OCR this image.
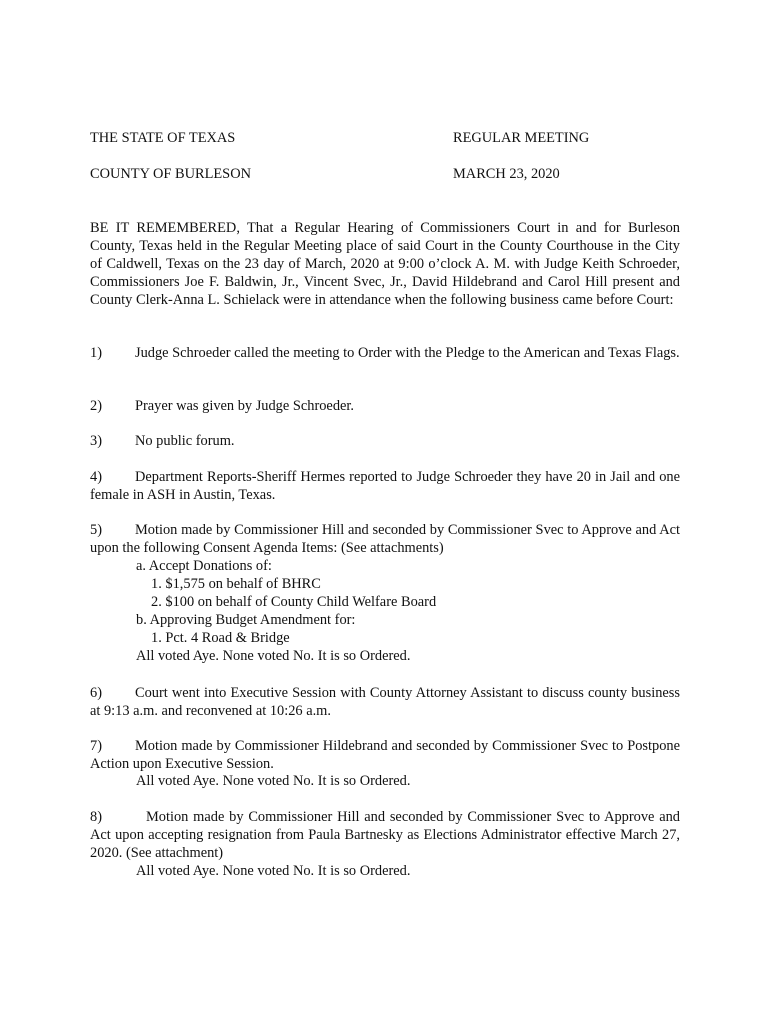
THE STATE OF TEXAS	REGULAR MEETING
COUNTY OF BURLESON	MARCH 23, 2020
BE IT REMEMBERED, That a Regular Hearing of Commissioners Court in and for Burleson County, Texas held in the Regular Meeting place of said Court in the County Courthouse in the City of Caldwell, Texas on the 23 day of March, 2020 at 9:00 o’clock A. M. with Judge Keith Schroeder, Commissioners Joe F. Baldwin, Jr., Vincent Svec, Jr., David Hildebrand and Carol Hill present and County Clerk-Anna L. Schielack were in attendance when the following business came before Court:
1) Judge Schroeder called the meeting to Order with the Pledge to the American and Texas Flags.
2) Prayer was given by Judge Schroeder.
3) No public forum.
4) Department Reports-Sheriff Hermes reported to Judge Schroeder they have 20 in Jail and one female in ASH in Austin, Texas.
5) Motion made by Commissioner Hill and seconded by Commissioner Svec to Approve and Act upon the following Consent Agenda Items: (See attachments)
a. Accept Donations of:
1. $1,575 on behalf of BHRC
2. $100 on behalf of County Child Welfare Board
b. Approving Budget Amendment for:
1. Pct. 4 Road & Bridge
All voted Aye. None voted No. It is so Ordered.
6) Court went into Executive Session with County Attorney Assistant to discuss county business at 9:13 a.m. and reconvened at 10:26 a.m.
7) Motion made by Commissioner Hildebrand and seconded by Commissioner Svec to Postpone Action upon Executive Session.
All voted Aye. None voted No. It is so Ordered.
8)	Motion made by Commissioner Hill and seconded by Commissioner Svec to Approve and Act upon accepting resignation from Paula Bartnesky as Elections Administrator effective March 27, 2020. (See attachment)
All voted Aye. None voted No. It is so Ordered.
